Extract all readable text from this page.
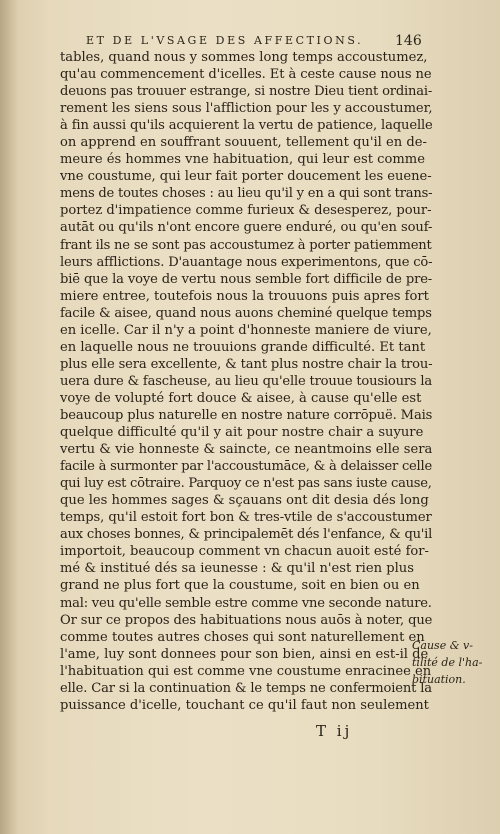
ET DE L'VSAGE DES AFFECTIONS.	146
tables, quand nous y sommes long temps accoustumez,
qu'au commencement d'icelles. Et à ceste cause nous ne
deuons pas trouuer estrange, si nostre Dieu tient ordinai-
rement les siens sous l'affliction pour les y accoustumer,
à fin aussi qu'ils acquierent la vertu de patience, laquelle
on apprend en souffrant souuent, tellement qu'il en de-
meure és hommes vne habituation, qui leur est comme
vne coustume, qui leur fait porter doucement les euene-
mens de toutes choses : au lieu qu'il y en a qui sont trans-
portez d'impatience comme furieux & desesperez, pour-
autāt ou qu'ils n'ont encore guere enduré, ou qu'en souf-
frant ils ne se sont pas accoustumez à porter patiemment
leurs afflictions. D'auantage nous experimentons, que cō-
biē que la voye de vertu nous semble fort difficile de pre-
miere entree, toutefois nous la trouuons puis apres fort
facile & aisee, quand nous auons cheminé quelque temps
en icelle. Car il n'y a point d'honneste maniere de viure,
en laquelle nous ne trouuions grande difficulté. Et tant
plus elle sera excellente, & tant plus nostre chair la trou-
uera dure & fascheuse, au lieu qu'elle trouue tousiours la
voye de volupté fort douce & aisee, à cause qu'elle est
beaucoup plus naturelle en nostre nature corrōpuë. Mais
quelque difficulté qu'il y ait pour nostre chair a suyure
vertu & vie honneste & saincte, ce neantmoins elle sera
facile à surmonter par l'accoustumāce, & à delaisser celle
qui luy est cōtraire. Parquoy ce n'est pas sans iuste cause,
que les hommes sages & sçauans ont dit desia dés long
temps, qu'il estoit fort bon & tres-vtile de s'accoustumer
aux choses bonnes, & principalemēt dés l'enfance, & qu'il
importoit, beaucoup comment vn chacun auoit esté for-
mé & institué dés sa ieunesse : & qu'il n'est rien plus
grand ne plus fort que la coustume, soit en bien ou en
mal: veu qu'elle semble estre comme vne seconde nature.
Or sur ce propos des habituations nous auōs à noter, que
comme toutes autres choses qui sont naturellement en
l'ame, luy sont donnees pour son bien, ainsi en est-il de
l'habituation qui est comme vne coustume enracinee en
elle. Car si la continuation & le temps ne confermoient la
puissance d'icelle, touchant ce qu'il faut non seulement
Cause & v-
tilité de l'ha-
bituation.
T ij
